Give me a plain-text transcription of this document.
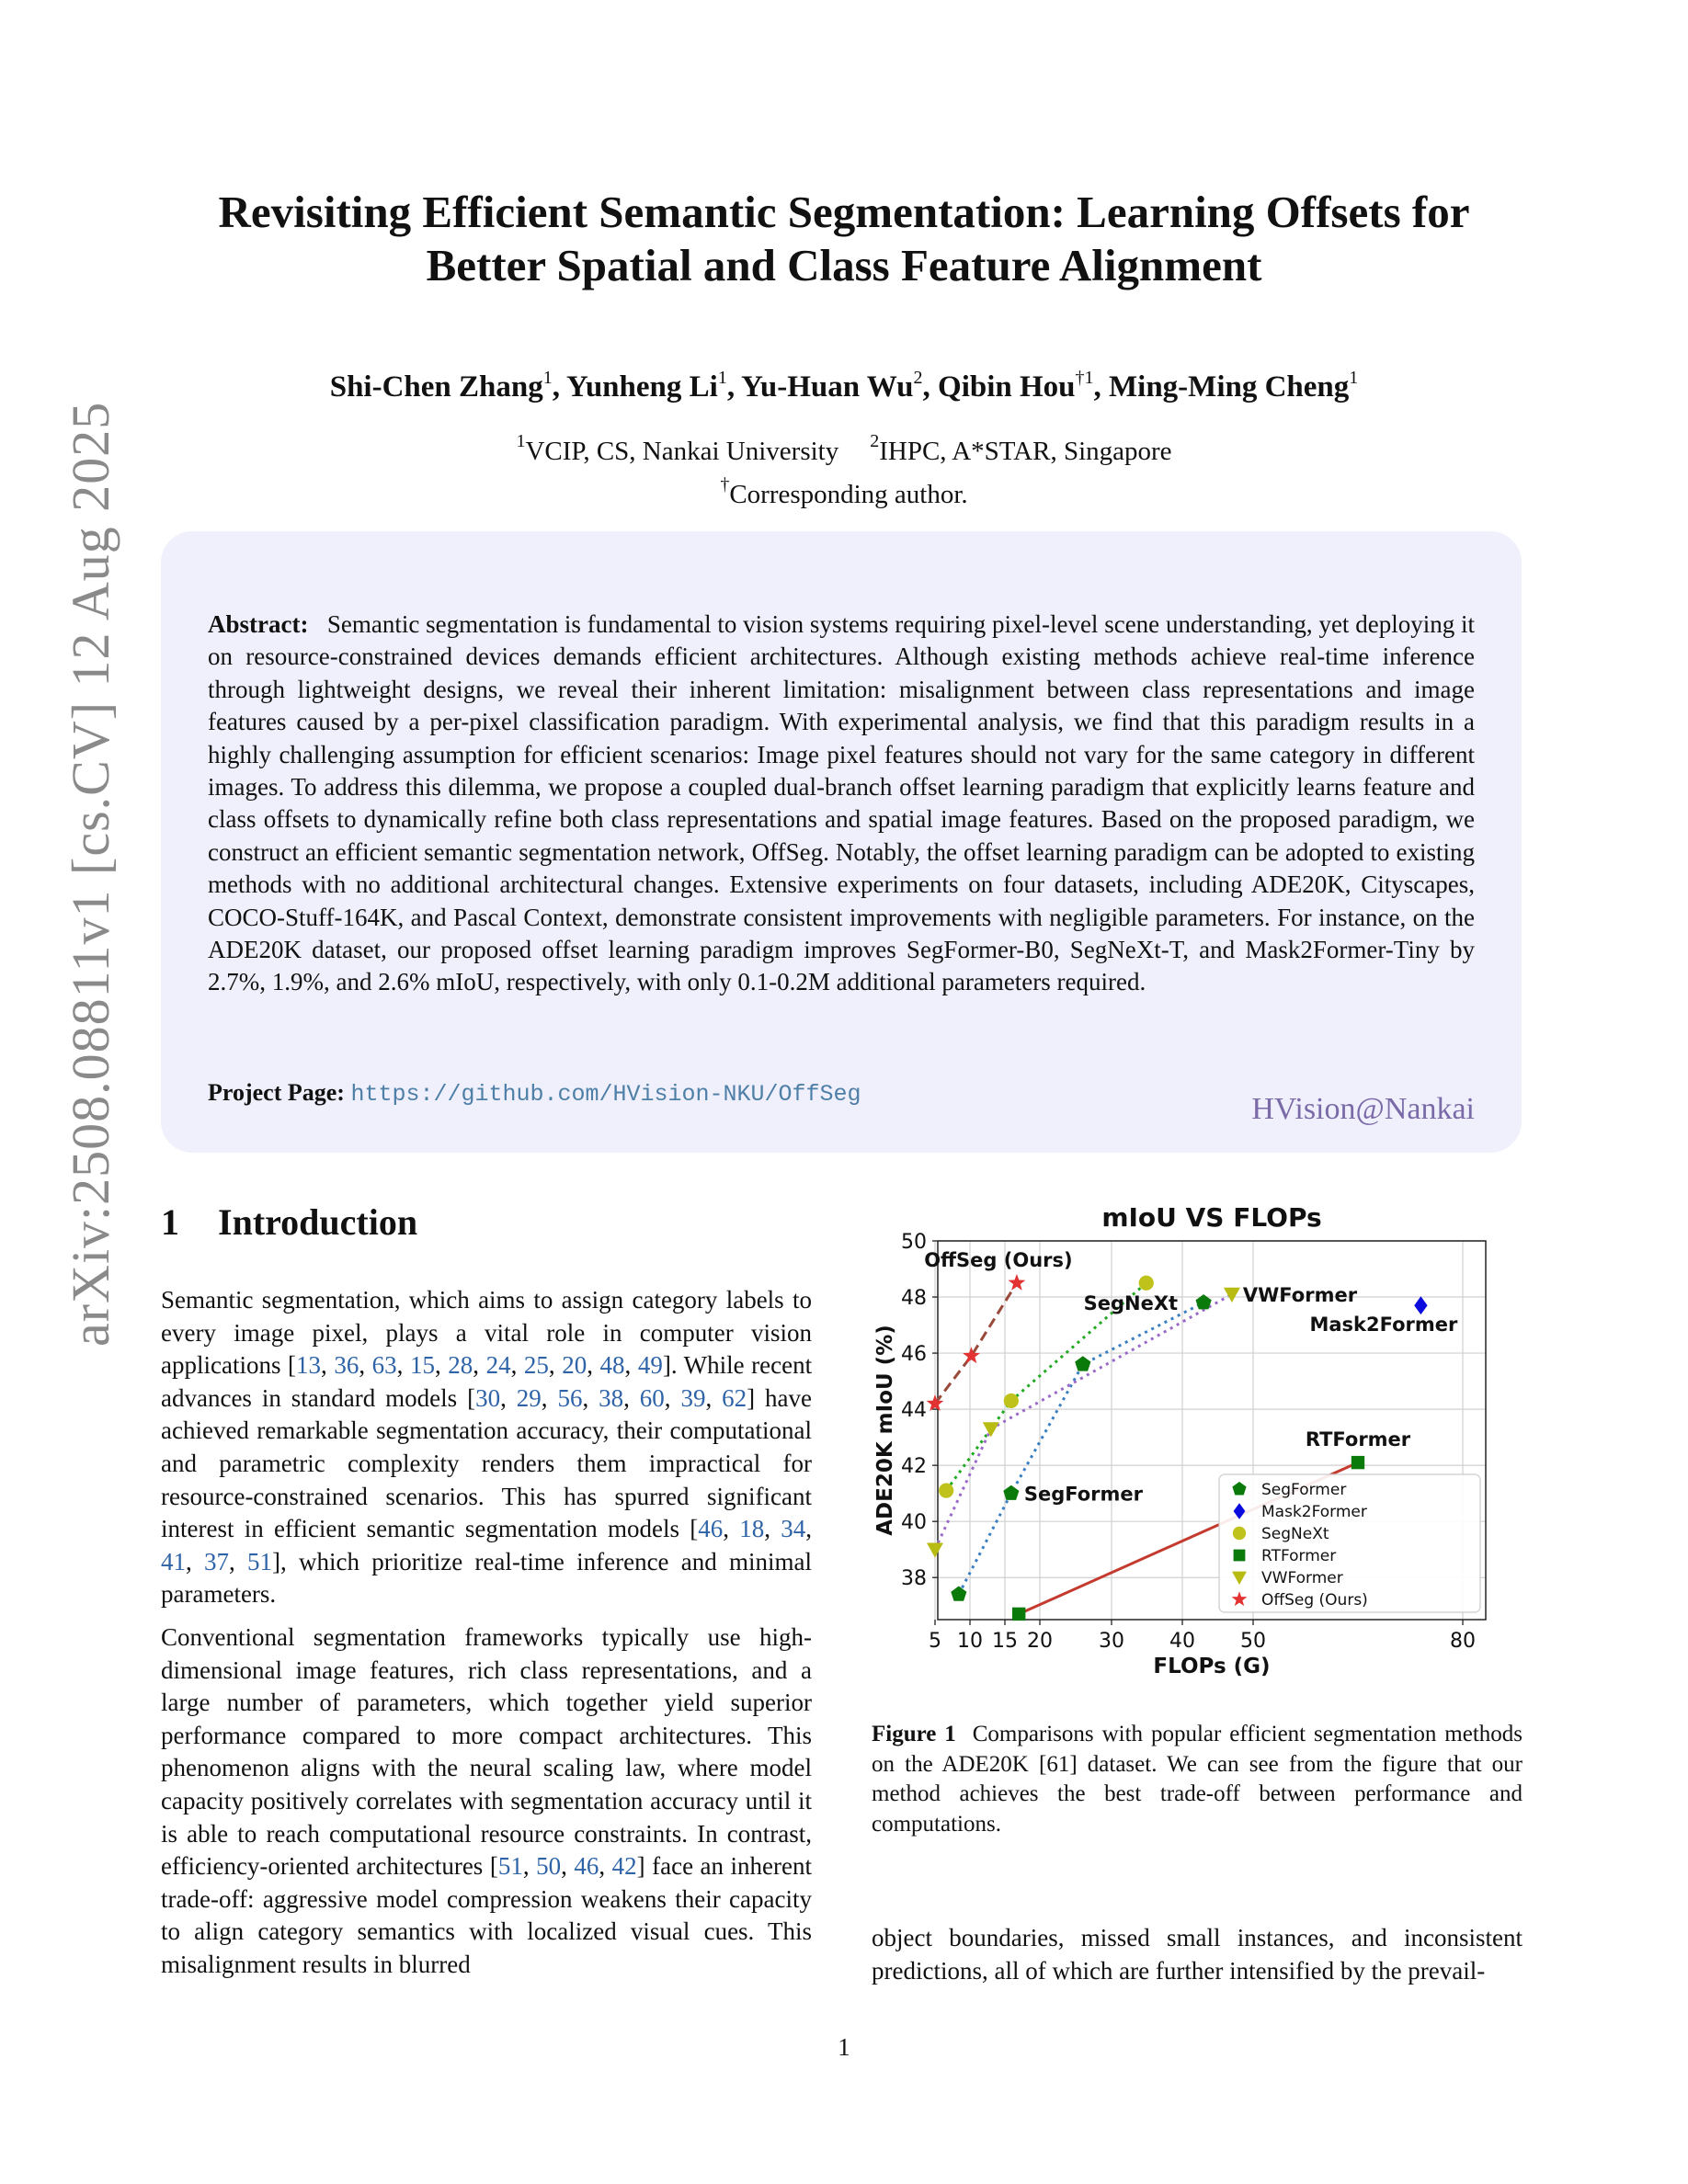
Revisiting Efficient Semantic Segmentation: Learning Offsets for
Better Spatial and Class Feature Alignment
Shi-Chen Zhang$^1$, Yunheng Li$^1$, Yu-Huan Wu$^2$, Qibin Hou$^{\dagger 1}$, Ming-Ming Cheng$^1$
$^1$VCIP, CS, Nankai University $^2$IHPC, A*STAR, Singapore
†Corresponding author.
arXiv:2508.08811v1 [cs.CV] 12 Aug 2025	Abstract: Semantic segmentation is fundamental to vision systems requiring pixel-level scene understanding, yet deploying it on resource-constrained devices demands efficient architectures. Although existing methods achieve real-time inference through lightweight designs, we reveal their inherent limitation: misalignment between class representations and image features caused by a per-pixel classification paradigm. With experimental analysis, we find that this paradigm results in a highly challenging assumption for efficient scenarios: Image pixel features should not vary for the same category in different images. To address this dilemma, we propose a coupled dual-branch offset learning paradigm that explicitly learns feature and class offsets to dynamically refine both class representations and spatial image features. Based on the proposed paradigm, we construct an efficient semantic segmentation network, OffSeg. Notably, the offset learning paradigm can be adopted to existing methods with no additional architectural changes. Extensive experiments on four datasets, including ADE20K, Cityscapes, COCO-Stuff-164K, and Pascal Context, demonstrate consistent improvements with negligible parameters. For instance, on the ADE20K dataset, our proposed offset learning paradigm improves SegFormer-B0, SegNeXt-T, and Mask2Former-Tiny by 2.7%, 1.9%, and 2.6% mIoU, respectively, with only 0.1-0.2M additional parameters required.
Project Page: https://github.com/HVision-NKU/OffSeg	HVision@Nankai
1 Introduction
Semantic segmentation, which aims to assign category labels to every image pixel, plays a vital role in computer vision applications [13, 36, 63, 15, 28, 24, 25, 20, 48, 49]. While recent advances in standard models [30, 29, 56, 38, 60, 39, 62] have achieved remarkable segmentation accuracy, their computational and parametric complexity renders them impractical for resource-constrained scenarios. This has spurred significant interest in efficient semantic segmentation models [46, 18, 34, 41, 37, 51], which prioritize real-time inference and minimal parameters.
Conventional segmentation frameworks typically use high-dimensional image features, rich class representations, and a large number of parameters, which together yield superior performance compared to more compact architectures. This phenomenon aligns with the neural scaling law, where model capacity positively correlates with segmentation accuracy until it is able to reach computational resource constraints. In contrast, efficiency-oriented architectures [51, 50, 46, 42] face an inherent trade-off: aggressive model compression weakens their capacity to align category semantics with localized visual cues. This misalignment results in blurred
object boundaries, missed small instances, and inconsistent predictions, all of which are further intensified by the prevail-
5 10 15 20 30 40 50	80
38
40
42
44
46
48
50
mIoU VS FLOPs
FLOPs (G)
ADE20K mIoU (%)	SegFormer
Mask2Former
SegNeXt
RTFormer
VWFormer
OffSeg (Ours)
SegFormer
Mask2Former
SegNeXt
RTFormer
VWFormer
OffSeg (Ours)
Figure 1 Comparisons with popular efficient segmentation methods on the ADE20K [61] dataset. We can see from the figure that our method achieves the best trade-off between performance and computations.
1
